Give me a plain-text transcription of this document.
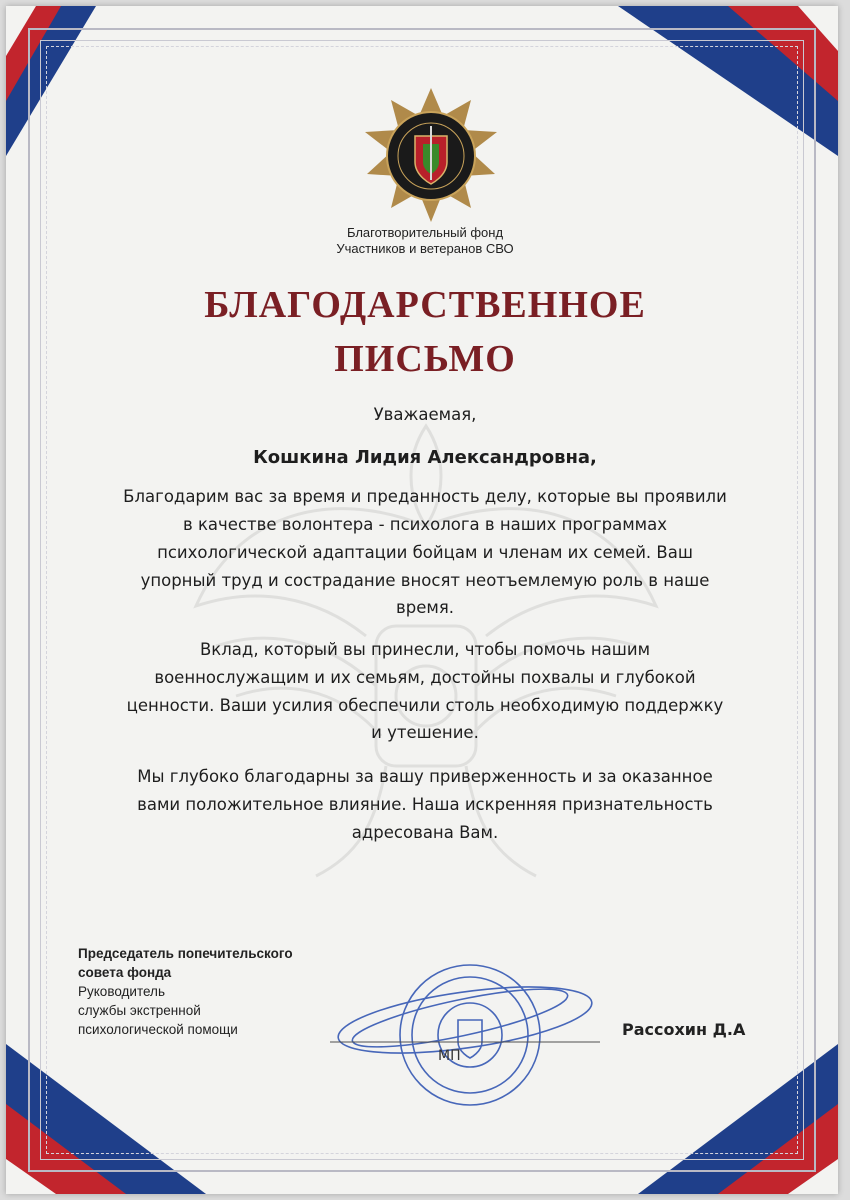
Благотворительный фонд
Участников и ветеранов СВО
БЛАГОДАРСТВЕННОЕ
ПИСЬМО
Уважаемая,
Кошкина Лидия Александровна,
Благодарим вас за время и преданность делу, которые вы проявили
в качестве волонтера - психолога в наших программах
психологической адаптации бойцам и членам их семей. Ваш
упорный труд и сострадание вносят неотъемлемую роль в наше
время.
Вклад, который вы принесли, чтобы помочь нашим
военнослужащим и их семьям, достойны похвалы и глубокой
ценности. Ваши усилия обеспечили столь необходимую поддержку
и утешение.
Мы глубоко благодарны за вашу приверженность и за оказанное
вами положительное влияние. Наша искренняя признательность
адресована Вам.
Председатель попечительского
совета фонда
Руководитель
службы экстренной
психологической помощи
МП
Рассохин Д.А
